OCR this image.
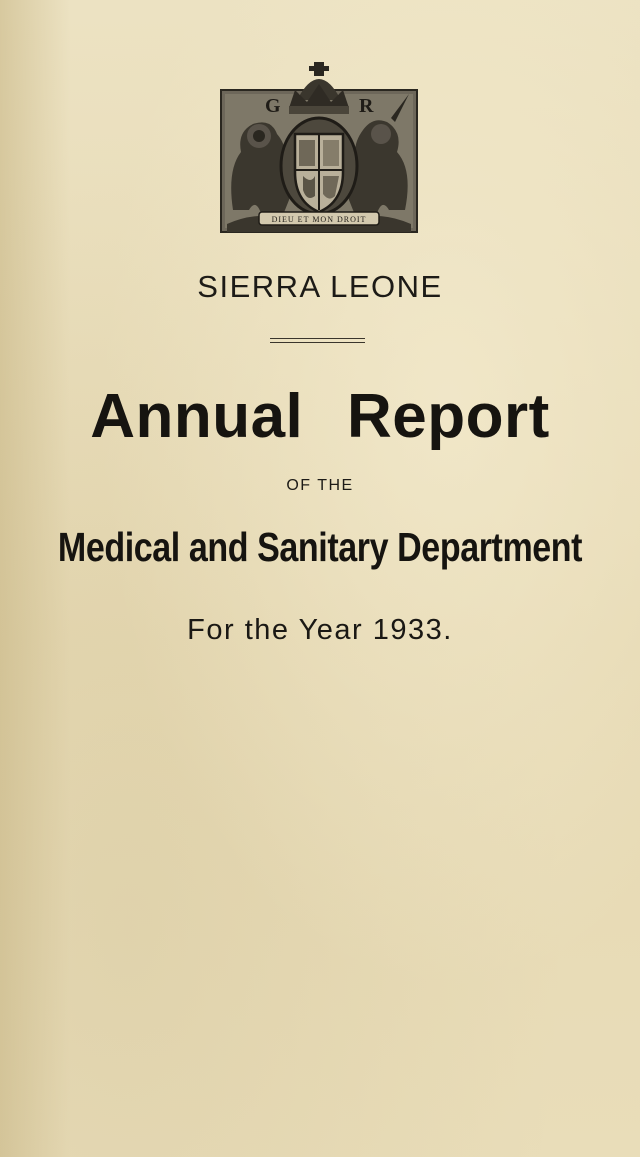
G	R
DIEU ET MON DROIT
SIERRA LEONE
Annual Report
OF THE
Medical and Sanitary Department
For the Year 1933.
